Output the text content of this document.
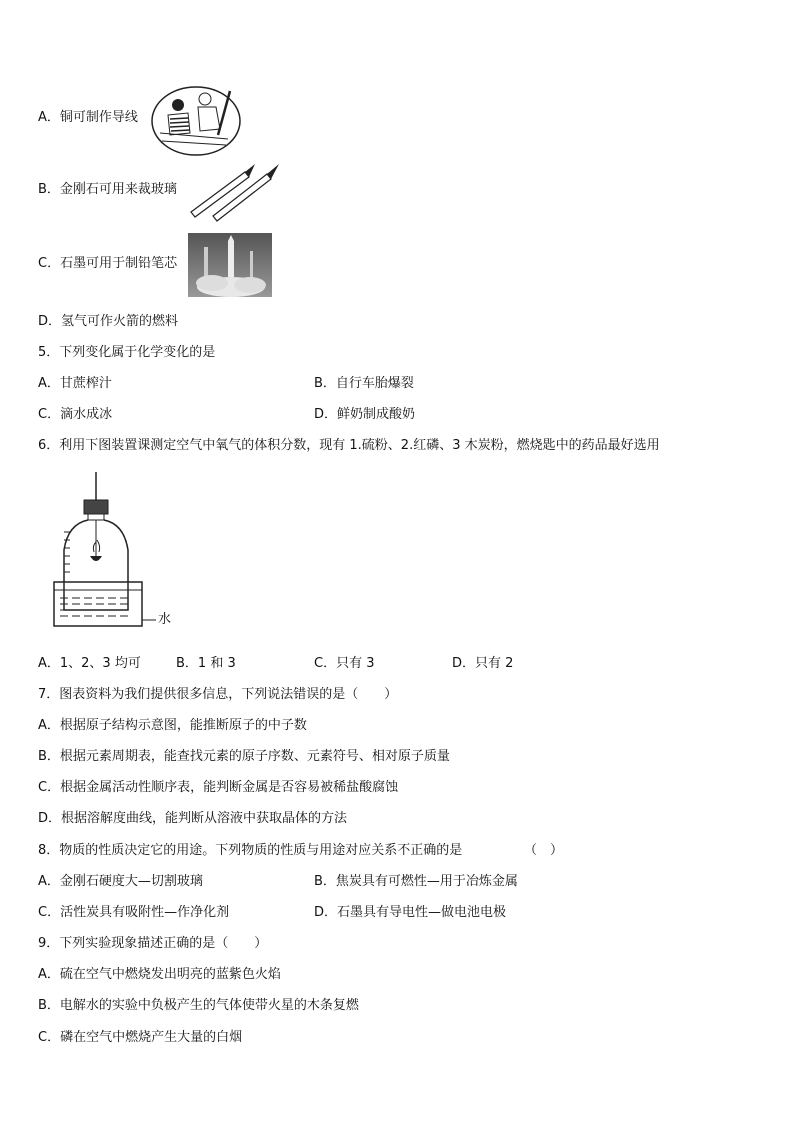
A．铜可制作导线
B．金刚石可用来裁玻璃
C．石墨可用于制铅笔芯
D．氢气可作火箭的燃料
5．下列变化属于化学变化的是
A．甘蔗榨汁	B．自行车胎爆裂
C．滴水成冰	D．鲜奶制成酸奶
6．利用下图装置课测定空气中氧气的体积分数，现有 1.硫粉、2.红磷、3 木炭粉，燃烧匙中的药品最好选用
水
A．1、2、3 均可	B．1 和 3	C．只有 3	D．只有 2
7．图表资料为我们提供很多信息，下列说法错误的是（　　）
A．根据原子结构示意图，能推断原子的中子数
B．根据元素周期表，能查找元素的原子序数、元素符号、相对原子质量
C．根据金属活动性顺序表，能判断金属是否容易被稀盐酸腐蚀
D．根据溶解度曲线，能判断从溶液中获取晶体的方法
8．物质的性质决定它的用途。下列物质的性质与用途对应关系不正确的是	（　）
A．金刚石硬度大—切割玻璃	B．焦炭具有可燃性—用于冶炼金属
C．活性炭具有吸附性—作净化剂	D．石墨具有导电性—做电池电极
9．下列实验现象描述正确的是（　　）
A．硫在空气中燃烧发出明亮的蓝紫色火焰
B．电解水的实验中负极产生的气体使带火星的木条复燃
C．磷在空气中燃烧产生大量的白烟
